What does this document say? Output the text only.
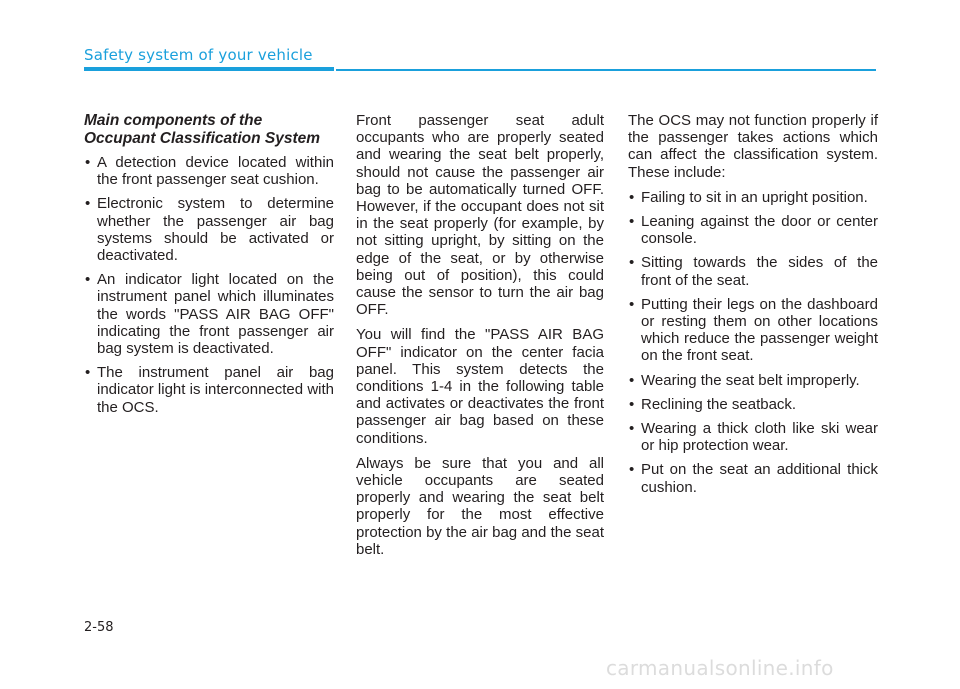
Safety system of your vehicle
Main components of the Occupant Classification System
• A detection device located within the front passenger seat cushion.
• Electronic system to determine whether the passenger air bag systems should be activated or deactivated.
• An indicator light located on the instrument panel which illuminates the words "PASS AIR BAG OFF" indicating the front passenger air bag system is deactivated.
• The instrument panel air bag indicator light is interconnected with the OCS.

Front passenger seat adult occupants who are properly seated and wearing the seat belt properly, should not cause the passenger air bag to be automatically turned OFF. However, if the occupant does not sit in the seat properly (for example, by not sitting upright, by sitting on the edge of the seat, or by otherwise being out of position), this could cause the sensor to turn the air bag OFF.

You will find the "PASS AIR BAG OFF" indicator on the center facia panel. This system detects the conditions 1-4 in the following table and activates or deactivates the front passenger air bag based on these conditions.

Always be sure that you and all vehicle occupants are seated properly and wearing the seat belt properly for the most effective protection by the air bag and the seat belt.

The OCS may not function properly if the passenger takes actions which can affect the classification system. These include:

• Failing to sit in an upright position.
• Leaning against the door or center console.
• Sitting towards the sides of the front of the seat.
• Putting their legs on the dashboard or resting them on other locations which reduce the passenger weight on the front seat.
• Wearing the seat belt improperly.
• Reclining the seatback.
• Wearing a thick cloth like ski wear or hip protection wear.
• Put on the seat an additional thick cushion.
2-58
carmanualsonline.info
